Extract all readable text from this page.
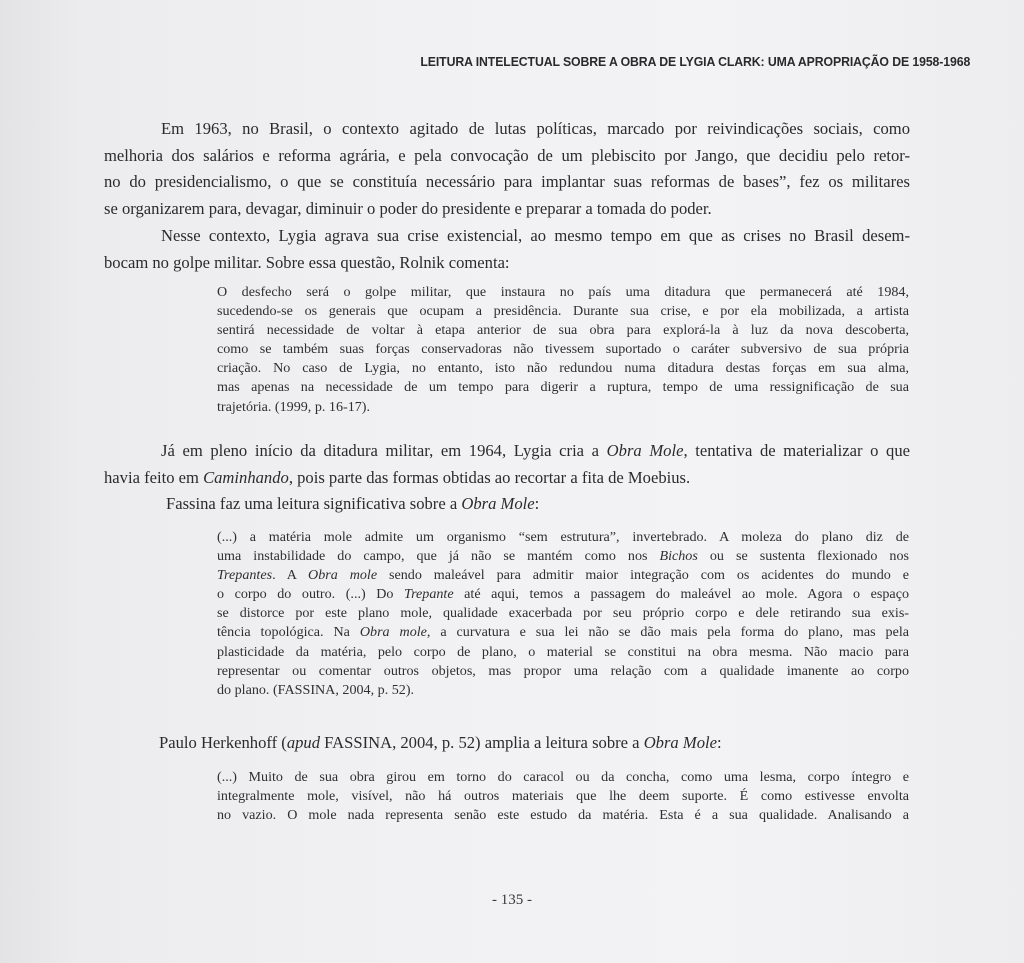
LEITURA INTELECTUAL SOBRE A OBRA DE LYGIA CLARK: UMA APROPRIAÇÃO DE 1958-1968
Em 1963, no Brasil, o contexto agitado de lutas políticas, marcado por reivindicações sociais, como
melhoria dos salários e reforma agrária, e pela convocação de um plebiscito por Jango, que decidiu pelo retor-
no do presidencialismo, o que se constituía necessário para implantar suas reformas de bases”, fez os militares
se organizarem para, devagar, diminuir o poder do presidente e preparar a tomada do poder.
Nesse contexto, Lygia agrava sua crise existencial, ao mesmo tempo em que as crises no Brasil desem-
bocam no golpe militar. Sobre essa questão, Rolnik comenta:
O desfecho será o golpe militar, que instaura no país uma ditadura que permanecerá até 1984,
sucedendo-se os generais que ocupam a presidência. Durante sua crise, e por ela mobilizada, a artista
sentirá necessidade de voltar à etapa anterior de sua obra para explorá-la à luz da nova descoberta,
como se também suas forças conservadoras não tivessem suportado o caráter subversivo de sua própria
criação. No caso de Lygia, no entanto, isto não redundou numa ditadura destas forças em sua alma,
mas apenas na necessidade de um tempo para digerir a ruptura, tempo de uma ressignificação de sua
trajetória. (1999, p. 16-17).
Já em pleno início da ditadura militar, em 1964, Lygia cria a Obra Mole, tentativa de materializar o que
havia feito em Caminhando, pois parte das formas obtidas ao recortar a fita de Moebius.
Fassina faz uma leitura significativa sobre a Obra Mole:
(...) a matéria mole admite um organismo “sem estrutura”, invertebrado. A moleza do plano diz de
uma instabilidade do campo, que já não se mantém como nos Bichos ou se sustenta flexionado nos
Trepantes. A Obra mole sendo maleável para admitir maior integração com os acidentes do mundo e
o corpo do outro. (...) Do Trepante até aqui, temos a passagem do maleável ao mole. Agora o espaço
se distorce por este plano mole, qualidade exacerbada por seu próprio corpo e dele retirando sua exis-
tência topológica. Na Obra mole, a curvatura e sua lei não se dão mais pela forma do plano, mas pela
plasticidade da matéria, pelo corpo de plano, o material se constitui na obra mesma. Não macio para
representar ou comentar outros objetos, mas propor uma relação com a qualidade imanente ao corpo
do plano. (FASSINA, 2004, p. 52).
Paulo Herkenhoff (apud FASSINA, 2004, p. 52) amplia a leitura sobre a Obra Mole:
(...) Muito de sua obra girou em torno do caracol ou da concha, como uma lesma, corpo íntegro e
integralmente mole, visível, não há outros materiais que lhe deem suporte. É como estivesse envolta
no vazio. O mole nada representa senão este estudo da matéria. Esta é a sua qualidade. Analisando a
- 135 -
